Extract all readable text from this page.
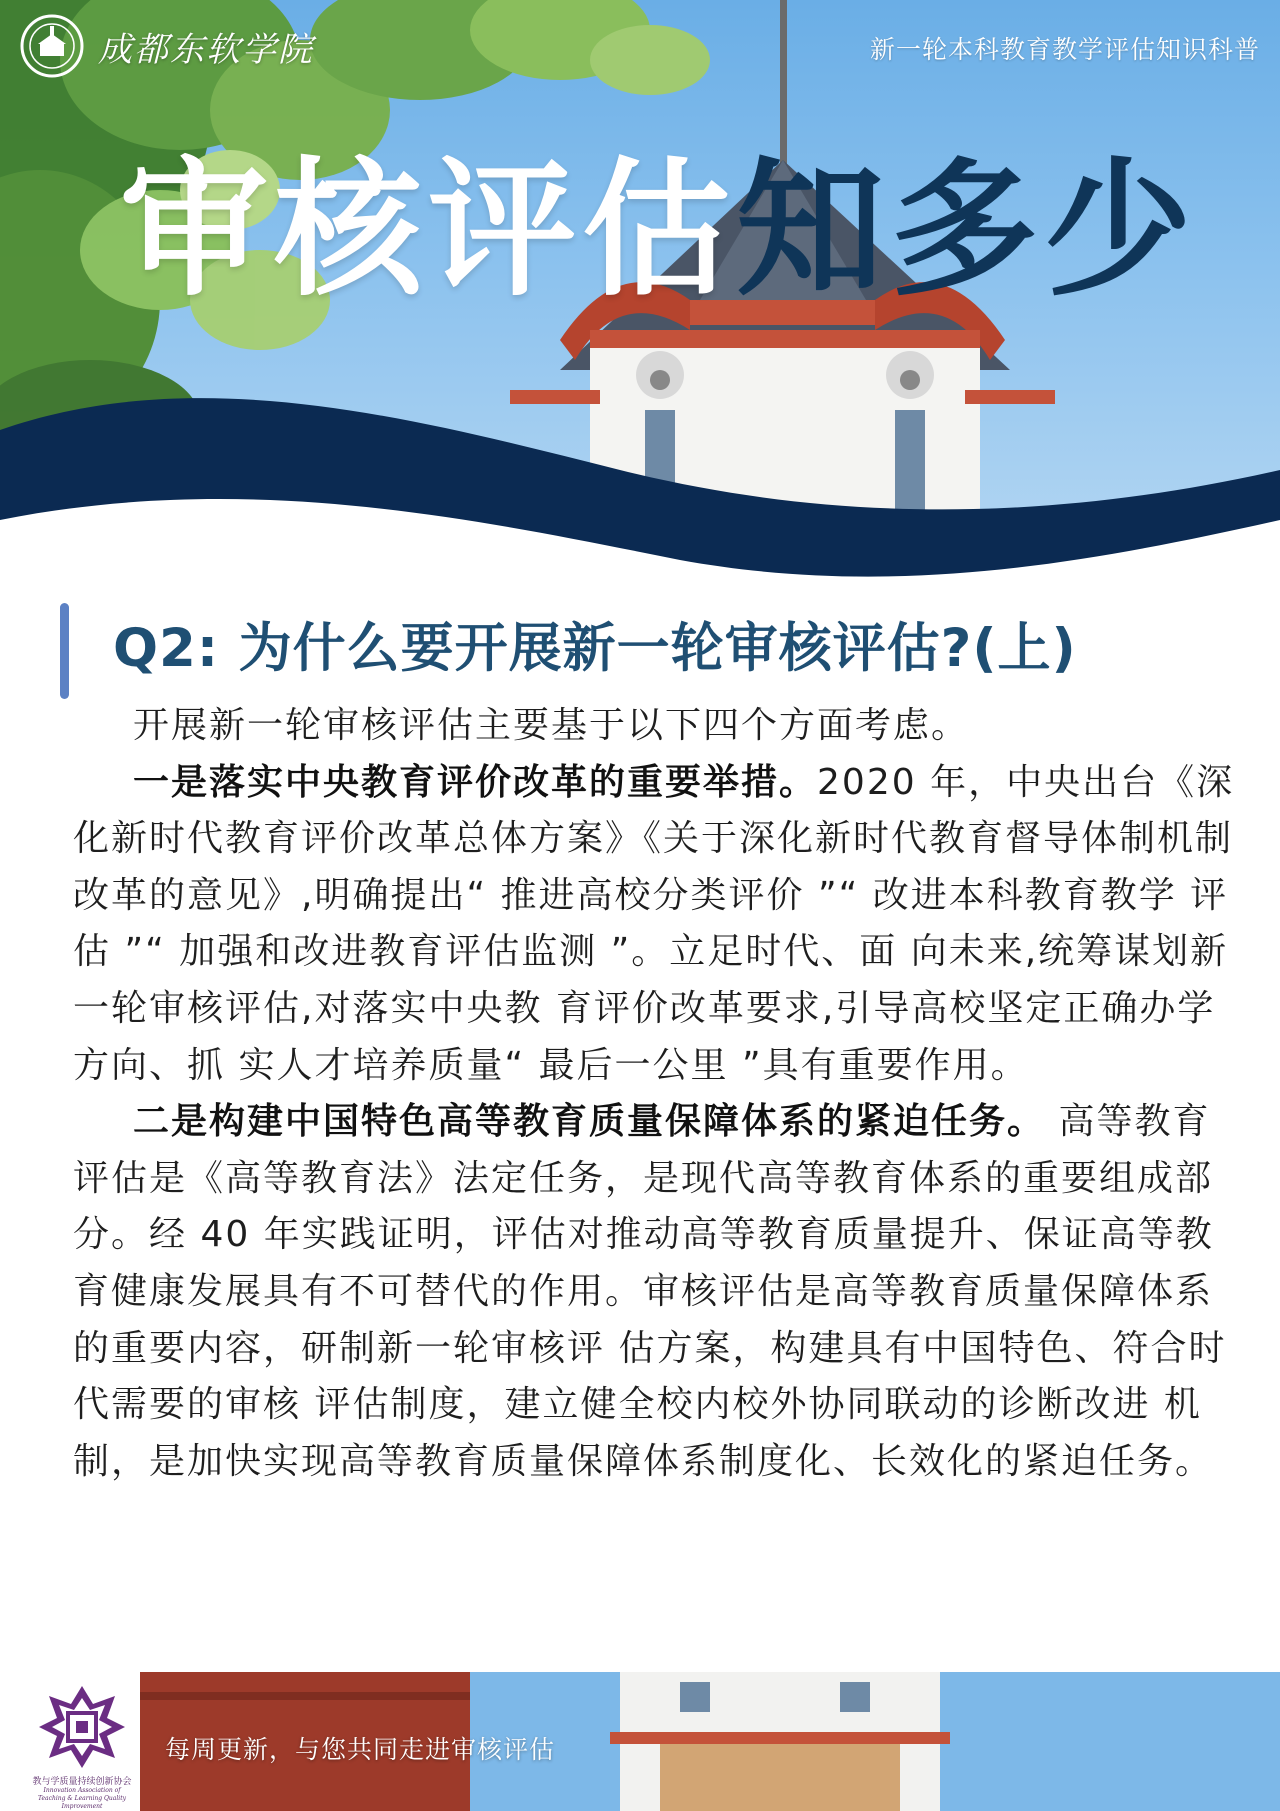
成都东软学院	新一轮本科教育教学评估知识科普
审核评估知多少
Q2: 为什么要开展新一轮审核评估?(上)

开展新一轮审核评估主要基于以下四个方面考虑。

一是落实中央教育评价改革的重要举措。2020 年，中央出台《深化新时代教育评价改革总体方案》《关于深化新时代教育督导体制机制改革的意见》,明确提出“ 推进高校分类评价 ”“ 改进本科教育教学 评估 ”“ 加强和改进教育评估监测 ”。立足时代、面 向未来,统筹谋划新一轮审核评估,对落实中央教 育评价改革要求,引导高校坚定正确办学方向、抓 实人才培养质量“ 最后一公里 ”具有重要作用。

二是构建中国特色高等教育质量保障体系的紧迫任务。 高等教育评估是《高等教育法》法定任务，是现代高等教育体系的重要组成部分。经 40 年实践证明，评估对推动高等教育质量提升、保证高等教 育健康发展具有不可替代的作用。审核评估是高等教育质量保障体系的重要内容，研制新一轮审核评 估方案，构建具有中国特色、符合时代需要的审核 评估制度，建立健全校内校外协同联动的诊断改进 机制，是加快实现高等教育质量保障体系制度化、长效化的紧迫任务。

教与学质量持续创新协会
Innovation Association of Teaching & Learning Quality Improvement
每周更新，与您共同走进审核评估
